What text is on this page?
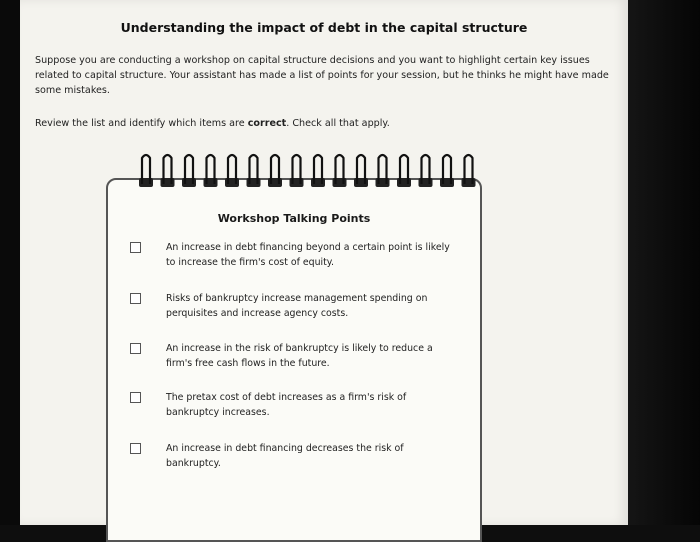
Understanding the impact of debt in the capital structure
Suppose you are conducting a workshop on capital structure decisions and you want to highlight certain key issues related to capital structure. Your assistant has made a list of points for your session, but he thinks he might have made some mistakes.
Review the list and identify which items are correct. Check all that apply.
Workshop Talking Points
An increase in debt financing beyond a certain point is likely to increase the firm's cost of equity.
Risks of bankruptcy increase management spending on perquisites and increase agency costs.
An increase in the risk of bankruptcy is likely to reduce a firm's free cash flows in the future.
The pretax cost of debt increases as a firm's risk of bankruptcy increases.
An increase in debt financing decreases the risk of bankruptcy.
